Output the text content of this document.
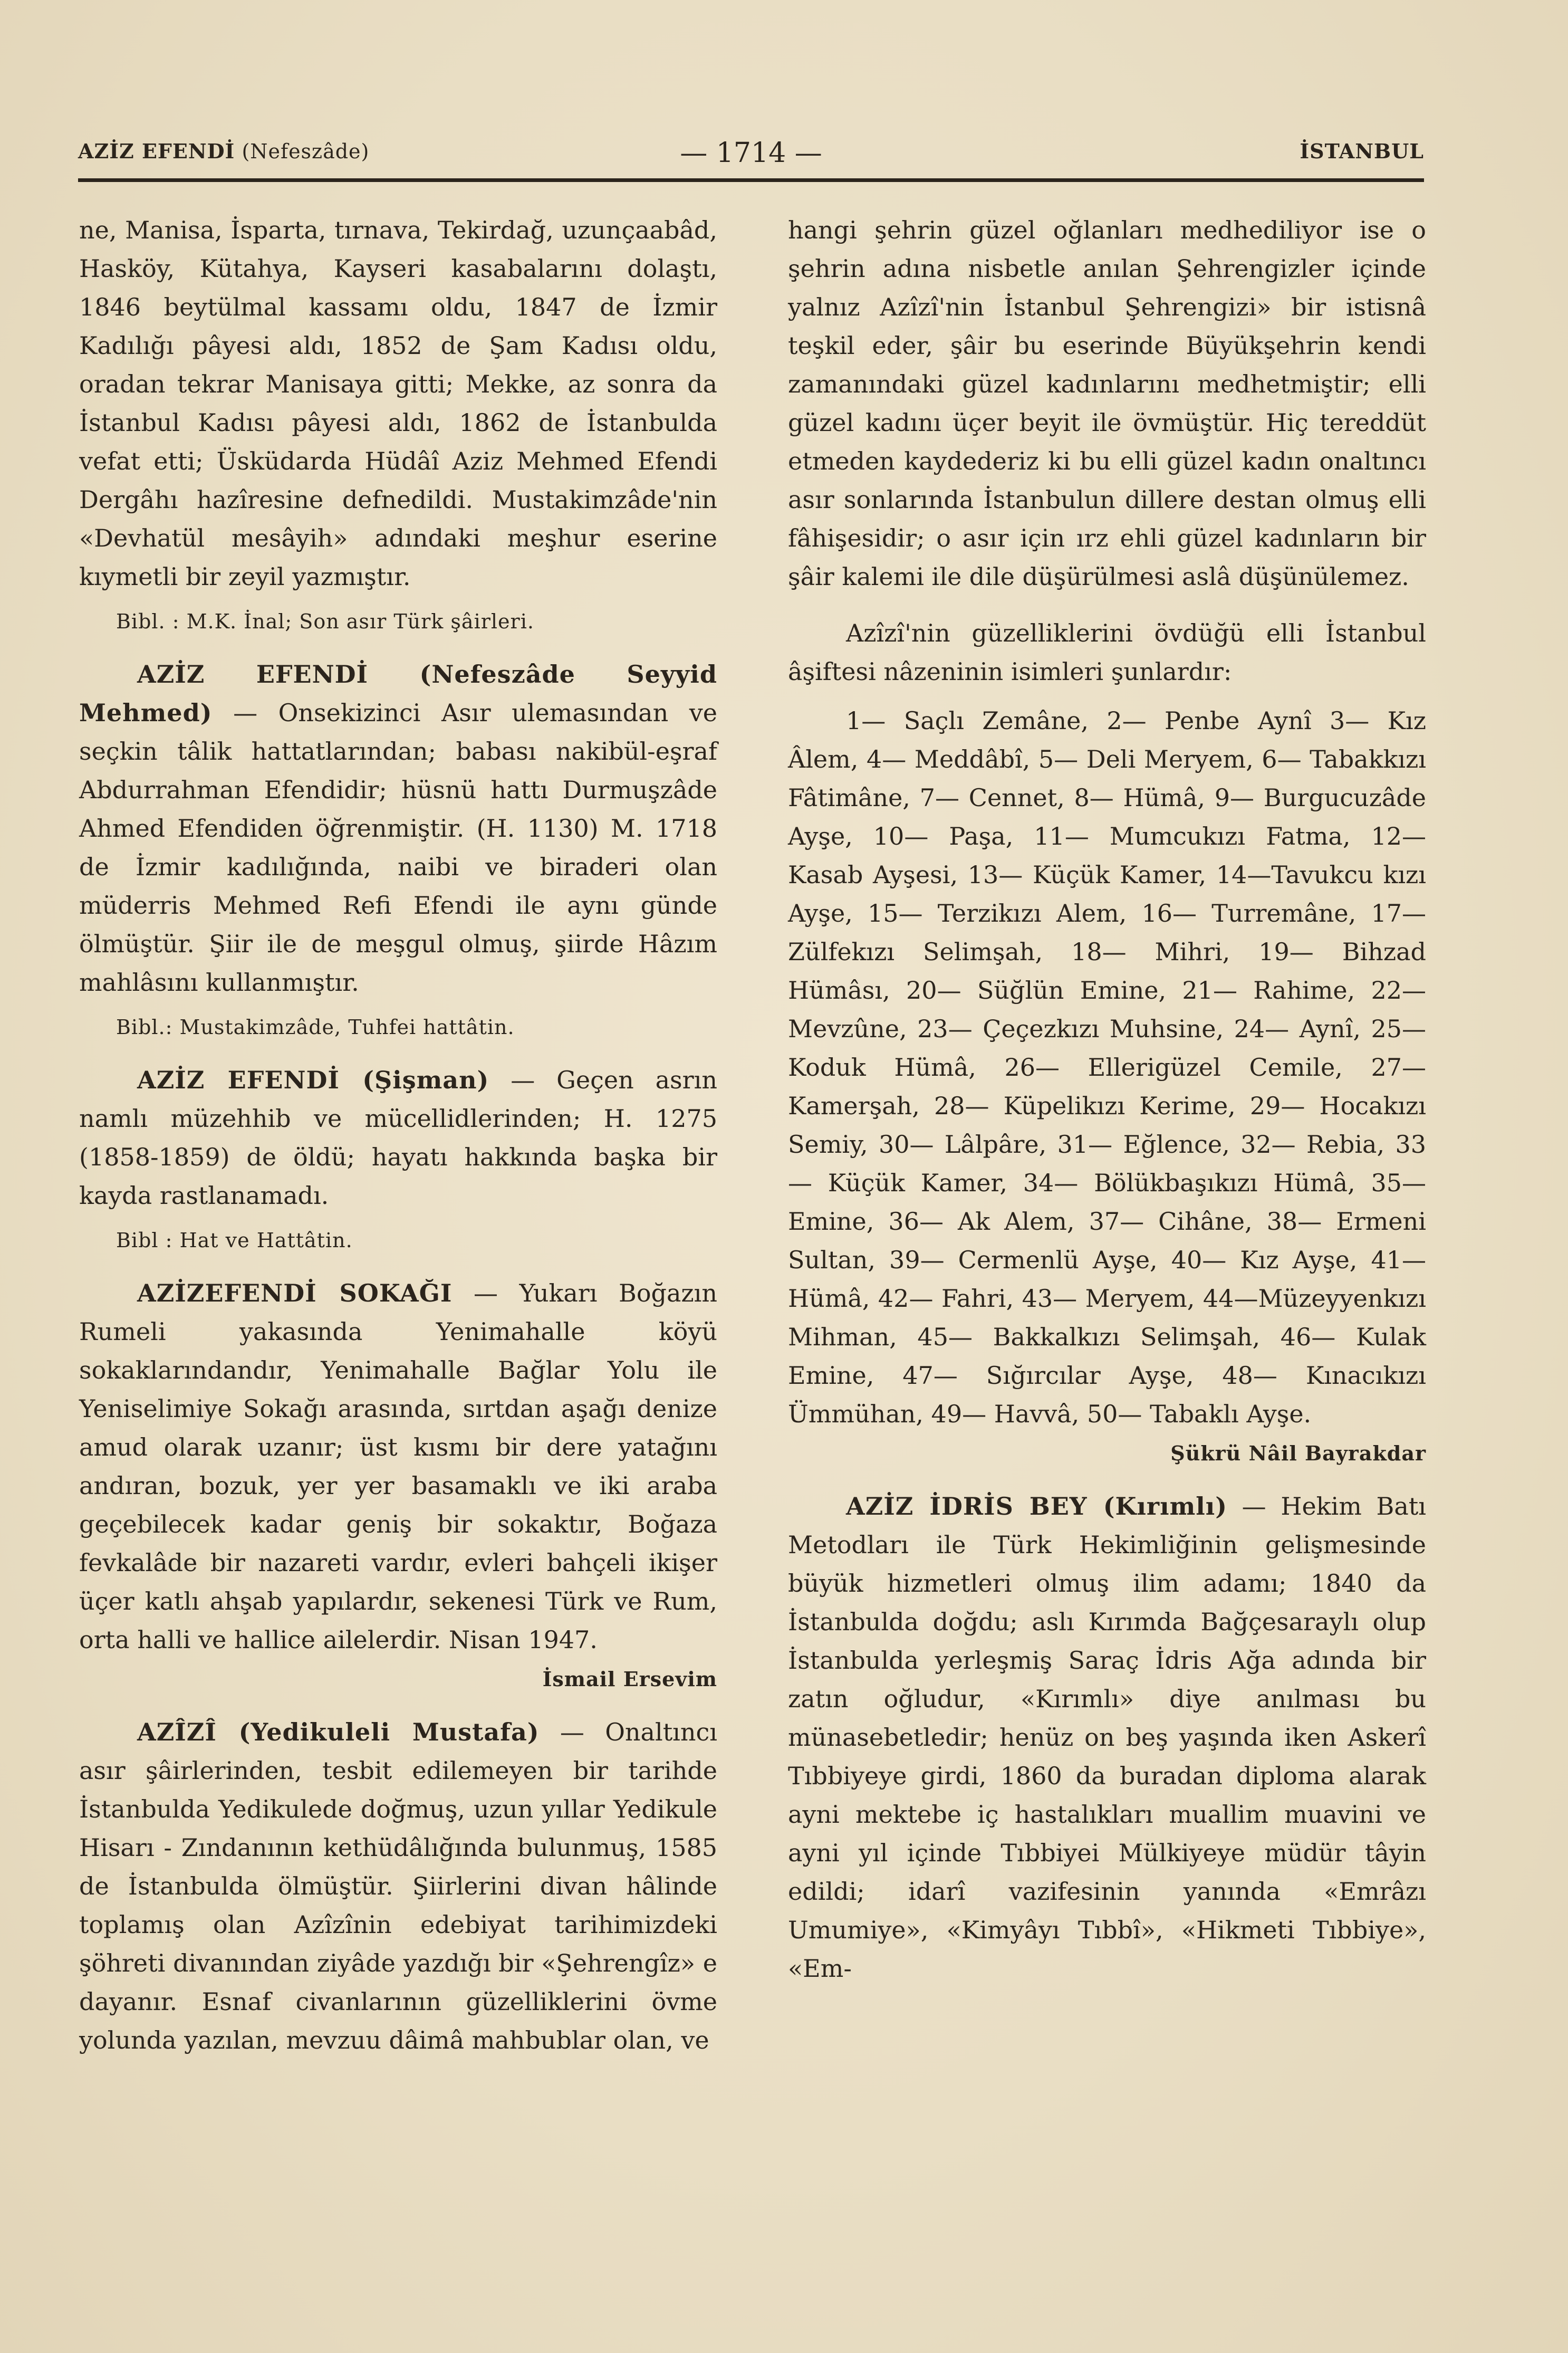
AZİZ EFENDİ (Nefeszâde)	— 1714 —	İSTANBUL

ne, Manisa, İsparta, tırnava, Tekirdağ, uzunçaabâd, Hasköy, Kütahya, Kayseri kasabalarını dolaştı, 1846 beytülmal kassamı oldu, 1847 de İzmir Kadılığı pâyesi aldı, 1852 de Şam Kadısı oldu, oradan tekrar Manisaya gitti; Mekke, az sonra da İstanbul Kadısı pâyesi aldı, 1862 de İstanbulda vefat etti; Üsküdarda Hüdâî Aziz Mehmed Efendi Dergâhı hazîresine defnedildi. Mustakimzâde'nin «Devhatül mesâyih» adındaki meşhur eserine kıymetli bir zeyil yazmıştır.

Bibl. : M.K. İnal; Son asır Türk şâirleri.

AZİZ EFENDİ (Nefeszâde Seyyid Mehmed) — Onsekizinci Asır ulemasından ve seçkin tâlik hattatlarından; babası nakibül-eşraf Abdurrahman Efendidir; hüsnü hattı Durmuşzâde Ahmed Efendiden öğrenmiştir. (H. 1130) M. 1718 de İzmir kadılığında, naibi ve biraderi olan müderris Mehmed Refi Efendi ile aynı günde ölmüştür. Şiir ile de meşgul olmuş, şiirde Hâzım mahlâsını kullanmıştır.

Bibl.: Mustakimzâde, Tuhfei hattâtin.

AZİZ EFENDİ (Şişman) — Geçen asrın namlı müzehhib ve mücellidlerinden; H. 1275 (1858-1859) de öldü; hayatı hakkında başka bir kayda rastlanamadı.

Bibl : Hat ve Hattâtin.

AZİZEFENDİ SOKAĞI — Yukarı Boğazın Rumeli yakasında Yenimahalle köyü sokaklarındandır, Yenimahalle Bağlar Yolu ile Yeniselimiye Sokağı arasında, sırtdan aşağı denize amud olarak uzanır; üst kısmı bir dere yatağını andıran, bozuk, yer yer basamaklı ve iki araba geçebilecek kadar geniş bir sokaktır, Boğaza fevkalâde bir nazareti vardır, evleri bahçeli ikişer üçer katlı ahşab yapılardır, sekenesi Türk ve Rum, orta halli ve hallice ailelerdir. Nisan 1947.

İsmail Ersevim

AZÎZÎ (Yedikuleli Mustafa) — Onaltıncı asır şâirlerinden, tesbit edilemeyen bir tarihde İstanbulda Yedikulede doğmuş, uzun yıllar Yedikule Hisarı - Zındanının kethüdâlığında bulunmuş, 1585 de İstanbulda ölmüştür. Şiirlerini divan hâlinde toplamış olan Azîzînin edebiyat tarihimizdeki şöhreti divanından ziyâde yazdığı bir «Şehrengîz» e dayanır. Esnaf civanlarının güzelliklerini övme yolunda yazılan, mevzuu dâimâ mahbublar olan, ve

hangi şehrin güzel oğlanları medhediliyor ise o şehrin adına nisbetle anılan Şehrengizler içinde yalnız Azîzî'nin İstanbul Şehrengizi» bir istisnâ teşkil eder, şâir bu eserinde Büyükşehrin kendi zamanındaki güzel kadınlarını medhetmiştir; elli güzel kadını üçer beyit ile övmüştür. Hiç tereddüt etmeden kaydederiz ki bu elli güzel kadın onaltıncı asır sonlarında İstanbulun dillere destan olmuş elli fâhişesidir; o asır için ırz ehli güzel kadınların bir şâir kalemi ile dile düşürülmesi aslâ düşünülemez.

Azîzî'nin güzelliklerini övdüğü elli İstanbul âşiftesi nâzeninin isimleri şunlardır:

1— Saçlı Zemâne, 2— Penbe Aynî 3— Kız Âlem, 4— Meddâbî, 5— Deli Meryem, 6— Tabakkızı Fâtimâne, 7— Cennet, 8— Hümâ, 9— Burgucuzâde Ayşe, 10— Paşa, 11— Mumcukızı Fatma, 12— Kasab Ayşesi, 13— Küçük Kamer, 14—Tavukcu kızı Ayşe, 15— Terzikızı Alem, 16— Turremâne, 17— Zülfekızı Selimşah, 18— Mihri, 19— Bihzad Hümâsı, 20— Süğlün Emine, 21— Rahime, 22— Mevzûne, 23— Çeçezkızı Muhsine, 24— Aynî, 25— Koduk Hümâ, 26— Ellerigüzel Cemile, 27— Kamerşah, 28— Küpelikızı Kerime, 29— Hocakızı Semiy, 30— Lâlpâre, 31— Eğlence, 32— Rebia, 33— Küçük Kamer, 34— Bölükbaşıkızı Hümâ, 35— Emine, 36— Ak Alem, 37— Cihâne, 38— Ermeni Sultan, 39— Cermenlü Ayşe, 40— Kız Ayşe, 41— Hümâ, 42— Fahri, 43— Meryem, 44—Müzeyyenkızı Mihman, 45— Bakkalkızı Selimşah, 46— Kulak Emine, 47— Sığırcılar Ayşe, 48— Kınacıkızı Ümmühan, 49— Havvâ, 50— Tabaklı Ayşe.

Şükrü Nâil Bayrakdar

AZİZ İDRİS BEY (Kırımlı) — Hekim Batı Metodları ile Türk Hekimliğinin gelişmesinde büyük hizmetleri olmuş ilim adamı; 1840 da İstanbulda doğdu; aslı Kırımda Bağçesaraylı olup İstanbulda yerleşmiş Saraç İdris Ağa adında bir zatın oğludur, «Kırımlı» diye anılması bu münasebetledir; henüz on beş yaşında iken Askerî Tıbbiyeye girdi, 1860 da buradan diploma alarak ayni mektebe iç hastalıkları muallim muavini ve ayni yıl içinde Tıbbiyei Mülkiyeye müdür tâyin edildi; idarî vazifesinin yanında «Emrâzı Umumiye», «Kimyâyı Tıbbî», «Hikmeti Tıbbiye», «Em-
